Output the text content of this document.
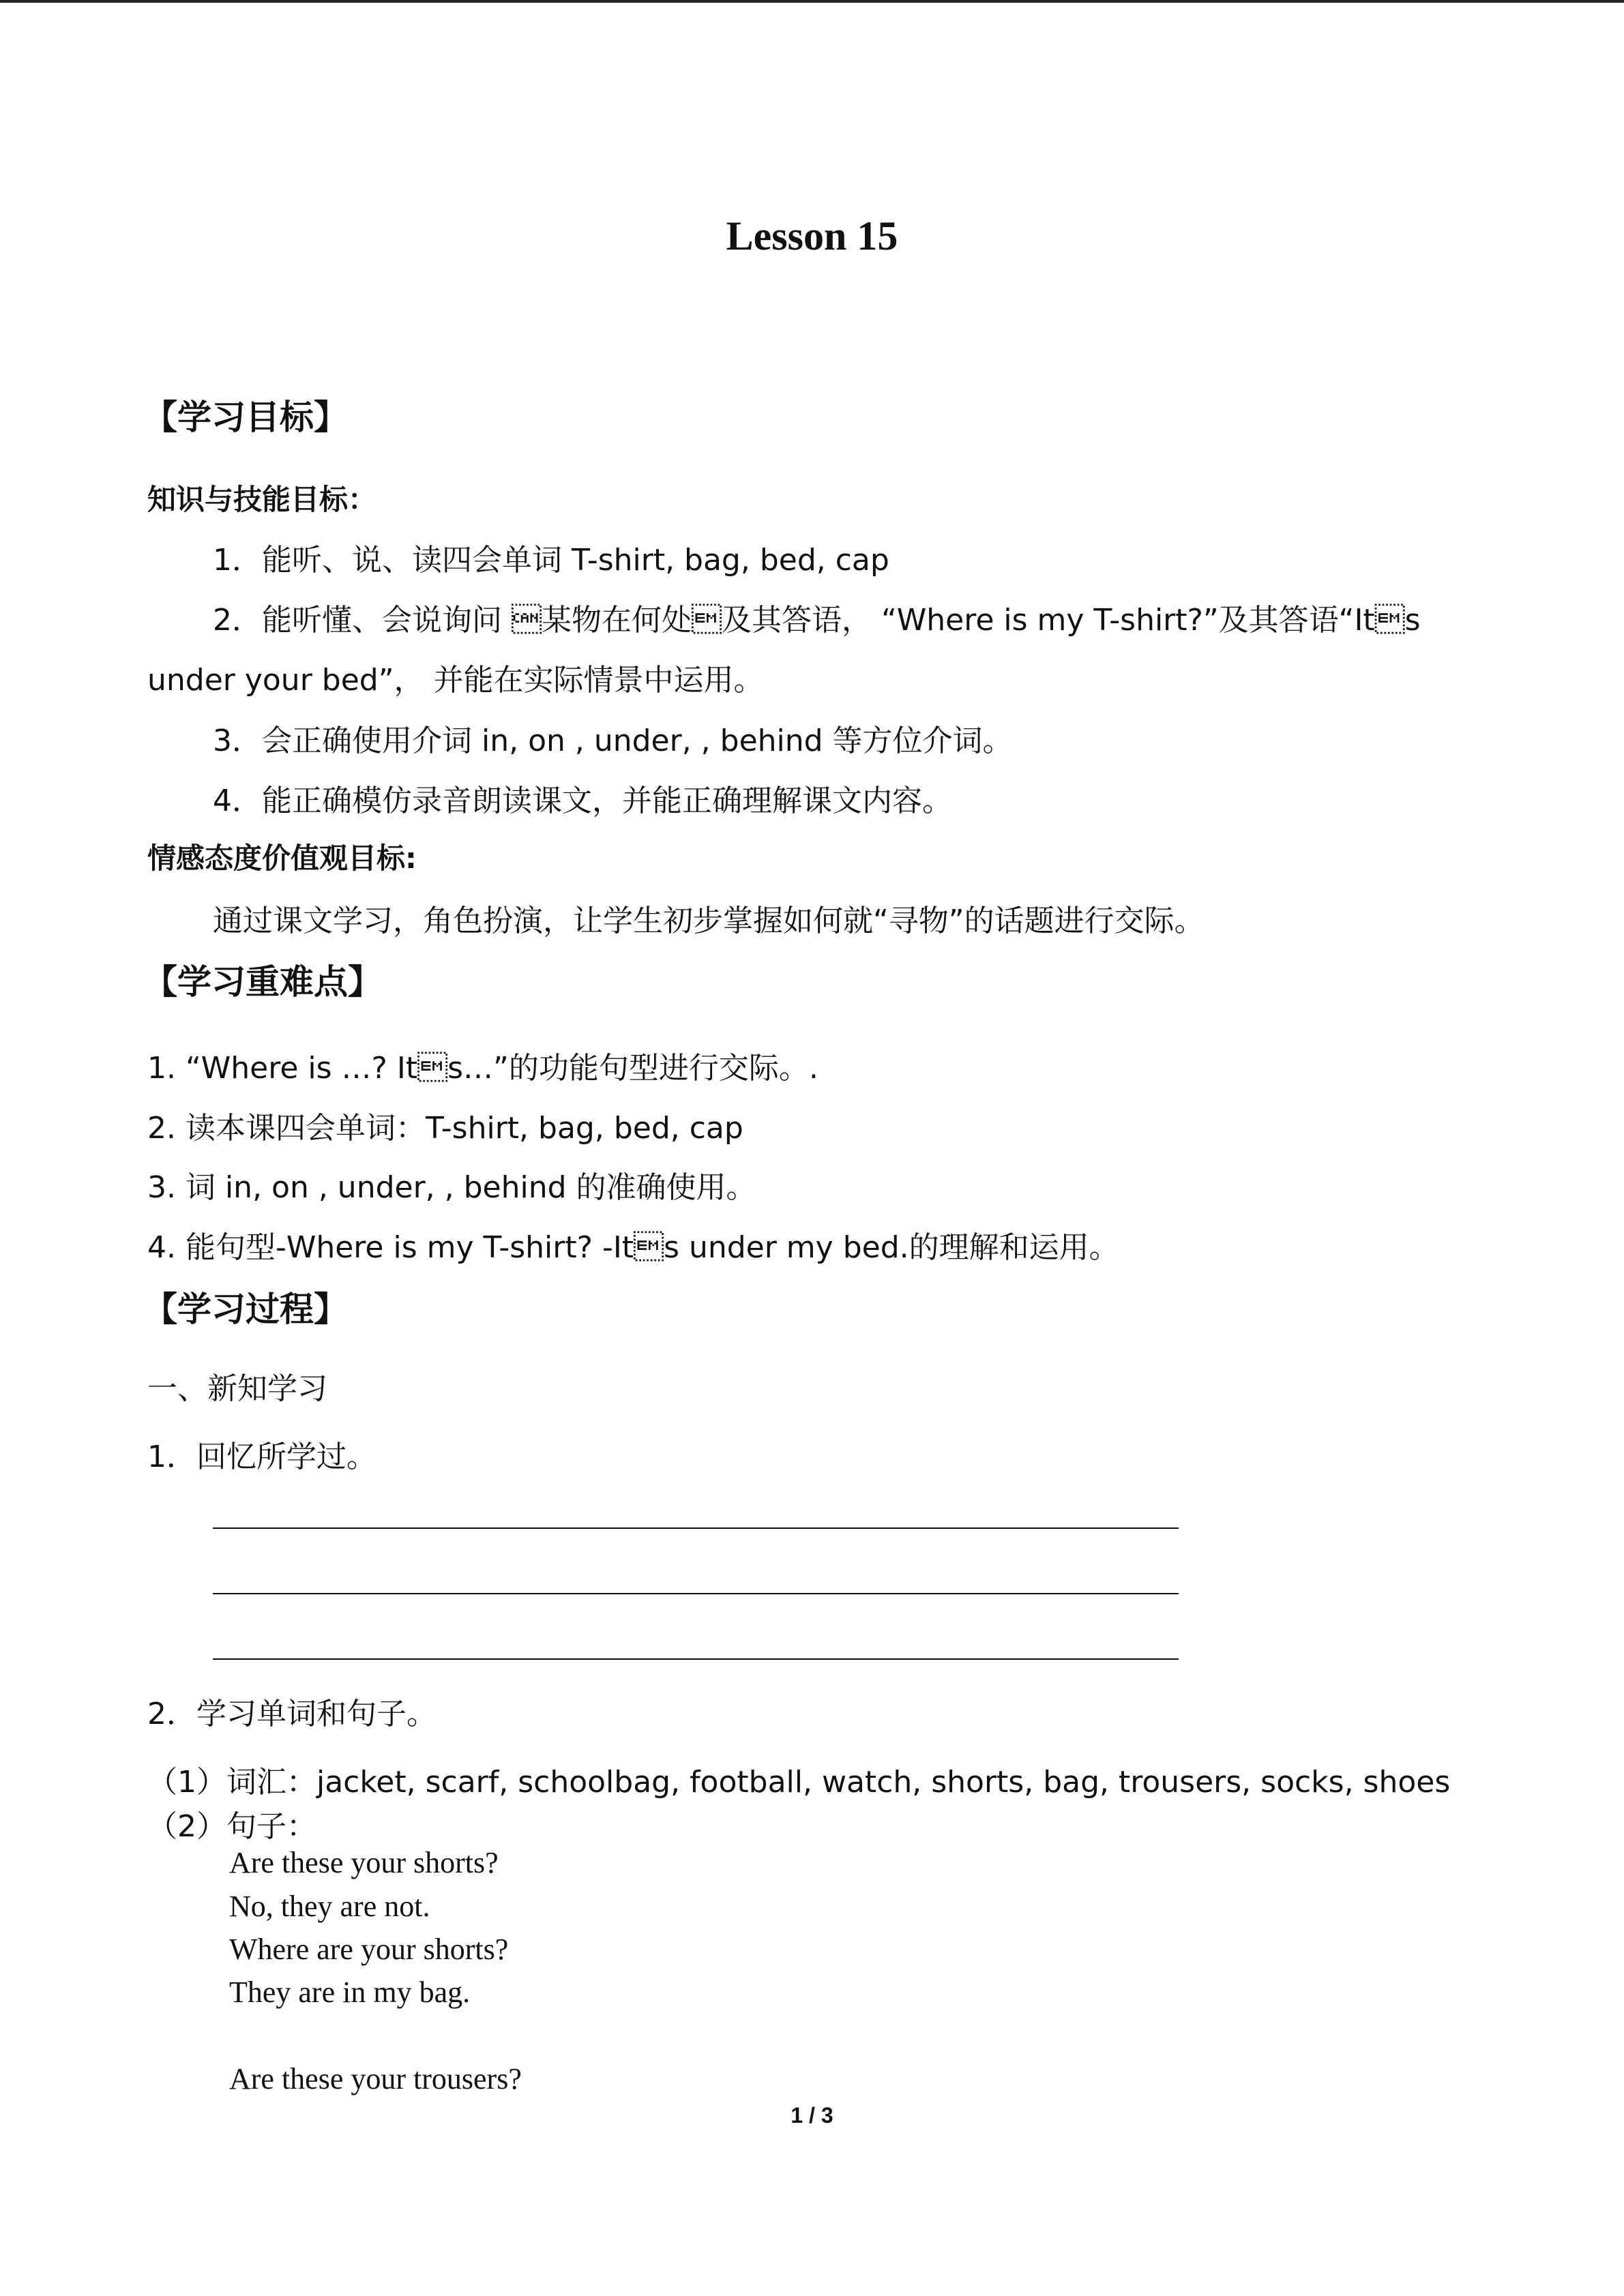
Lesson 15
【学习目标】
知识与技能目标：
1．能听、说、读四会单词 T-shirt, bag, bed, cap
2．能听懂、会说询问 某物在何处及其答语， “Where is my T-shirt?”及其答语“Its
under your bed”， 并能在实际情景中运用。
3．会正确使用介词 in, on , under, , behind 等方位介词。
4．能正确模仿录音朗读课文，并能正确理解课文内容。
情感态度价值观目标:
通过课文学习，角色扮演，让学生初步掌握如何就“寻物”的话题进行交际。
【学习重难点】
1. “Where is …? Its…”的功能句型进行交际。.
2. 读本课四会单词：T-shirt, bag, bed, cap
3. 词 in, on , under, , behind 的准确使用。
4. 能句型-Where is my T-shirt? -Its under my bed.的理解和运用。
【学习过程】
一、新知学习
1．回忆所学过。
2．学习单词和句子。
（1）词汇：jacket, scarf, schoolbag, football, watch, shorts, bag, trousers, socks, shoes
（2）句子：
Are these your shorts?
No, they are not.
Where are your shorts?
They are in my bag.
Are these your trousers?
1 / 3
